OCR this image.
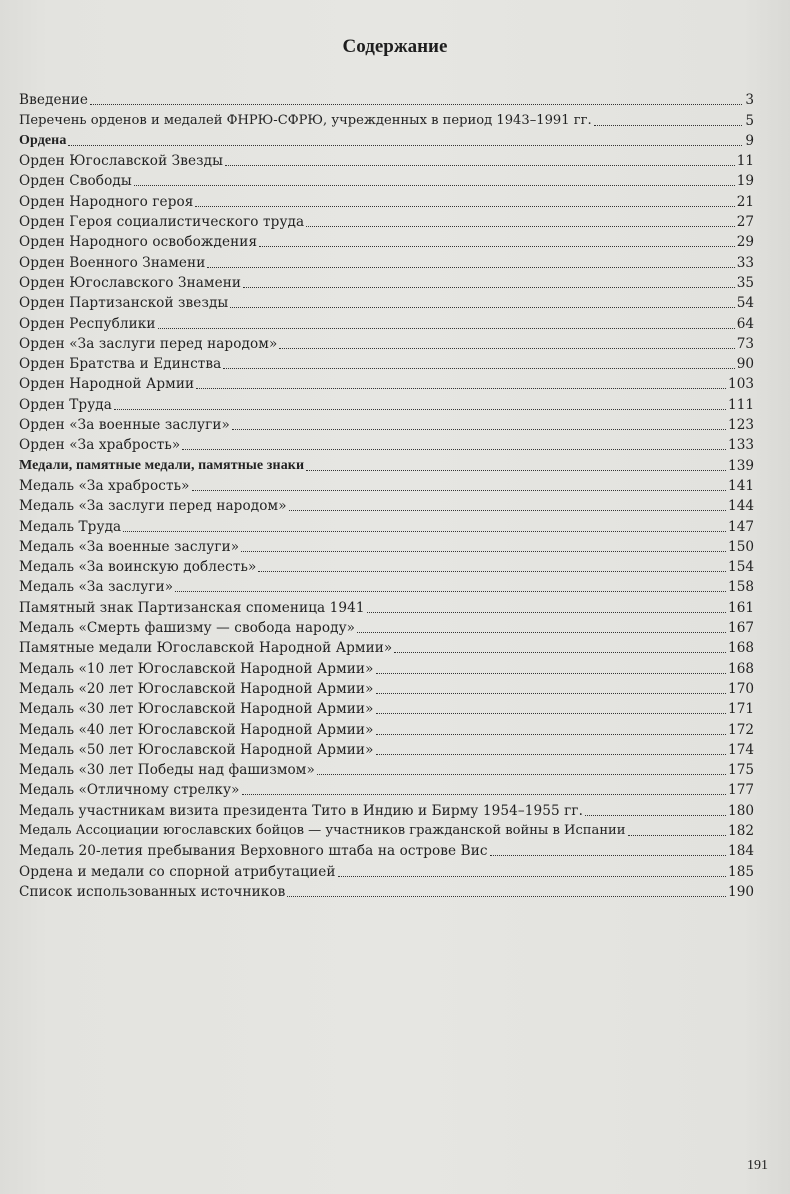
Содержание
Введение	3
Перечень орденов и медалей ФНРЮ-СФРЮ, учрежденных в период 1943–1991 гг.	5
Ордена	9
Орден Югославской Звезды	11
Орден Свободы	19
Орден Народного героя	21
Орден Героя социалистического труда	27
Орден Народного освобождения	29
Орден Военного Знамени	33
Орден Югославского Знамени	35
Орден Партизанской звезды	54
Орден Республики	64
Орден «За заслуги перед народом»	73
Орден Братства и Единства	90
Орден Народной Армии	103
Орден Труда	111
Орден «За военные заслуги»	123
Орден «За храбрость»	133
Медали, памятные медали, памятные знаки	139
Медаль «За храбрость»	141
Медаль «За заслуги перед народом»	144
Медаль Труда	147
Медаль «За военные заслуги»	150
Медаль «За воинскую доблесть»	154
Медаль «За заслуги»	158
Памятный знак Партизанская споменица 1941	161
Медаль «Смерть фашизму — свобода народу»	167
Памятные медали Югославской Народной Армии»	168
Медаль «10 лет Югославской Народной Армии»	168
Медаль «20 лет Югославской Народной Армии»	170
Медаль «30 лет Югославской Народной Армии»	171
Медаль «40 лет Югославской Народной Армии»	172
Медаль «50 лет Югославской Народной Армии»	174
Медаль «30 лет Победы над фашизмом»	175
Медаль «Отличному стрелку»	177
Медаль участникам визита президента Тито в Индию и Бирму 1954–1955 гг.	180
Медаль Ассоциации югославских бойцов — участников гражданской войны в Испании	182
Медаль 20-летия пребывания Верховного штаба на острове Вис	184
Ордена и медали со спорной атрибутацией	185
Список использованных источников	190
191
